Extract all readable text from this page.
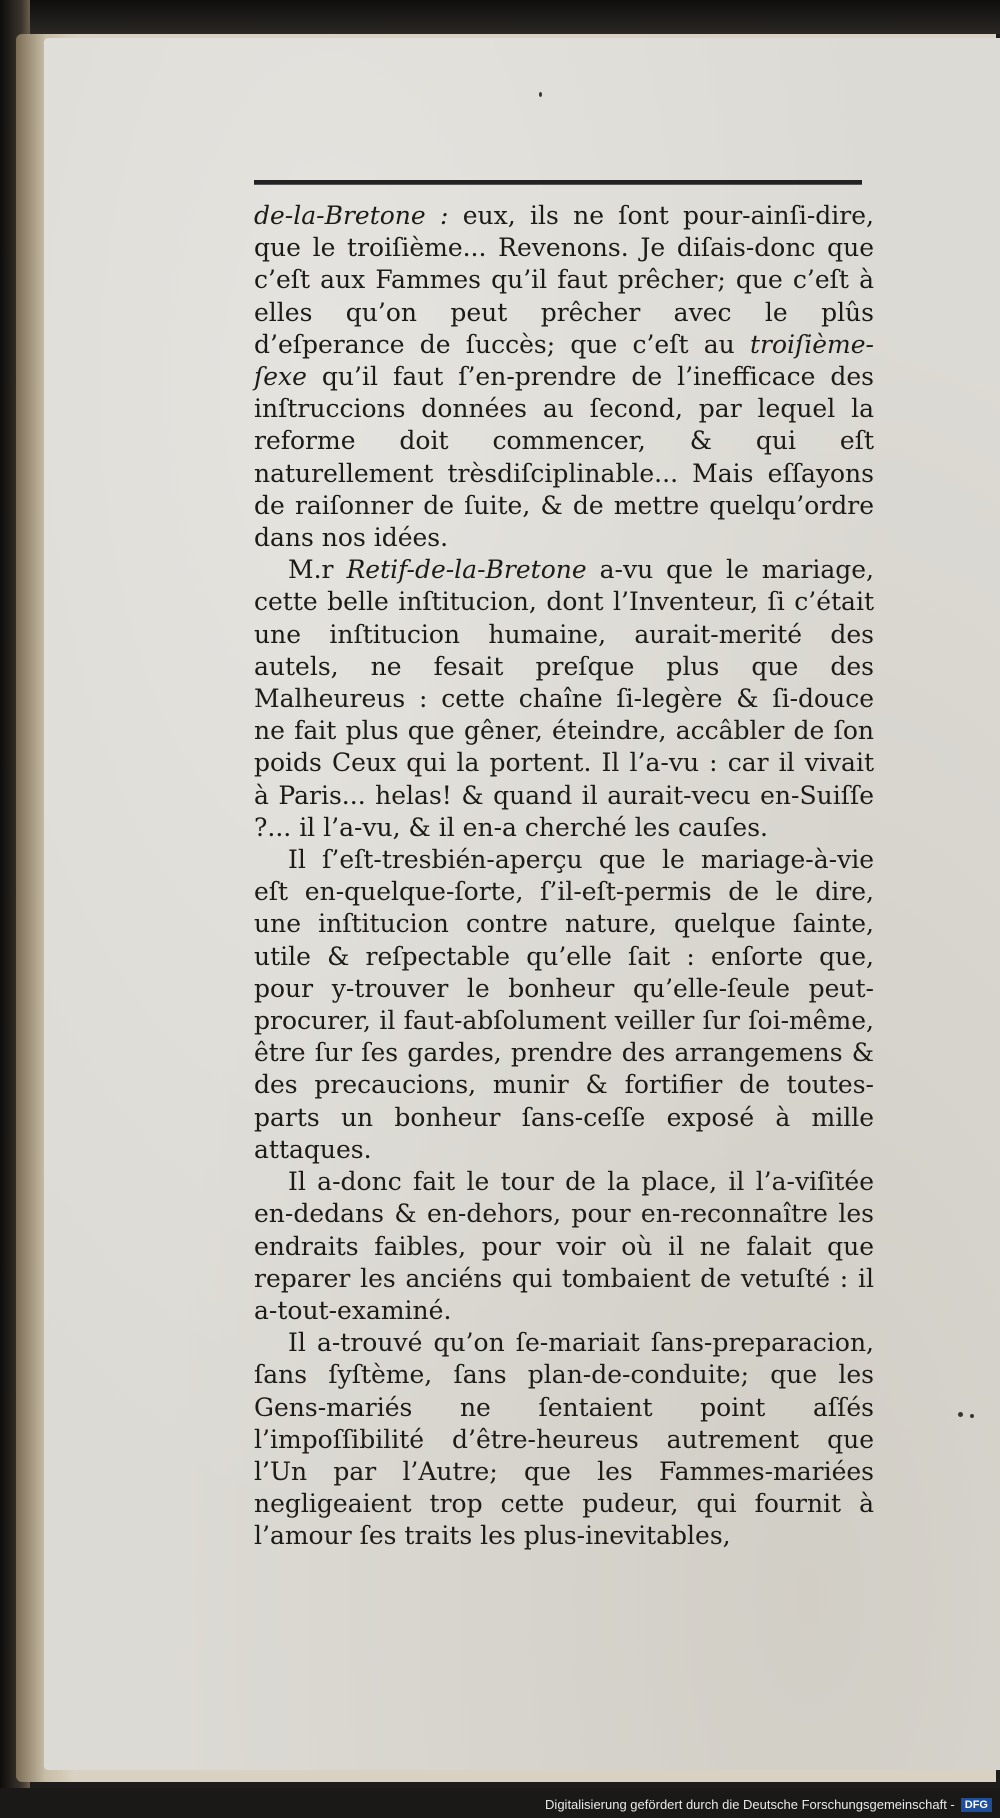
de-la-Bretone : eux, ils ne ſont pour-ainſi-dire, que le troiſième... Revenons. Je diſais-donc que c’eſt aux Fammes qu’il faut prêcher; que c’eſt à elles qu’on peut prêcher avec le plûs d’eſperance de ſuccès; que c’eſt au troiſième-ſexe qu’il faut ſ’en-prendre de l’inefficace des inſtruccions données au ſecond, par lequel la reforme doit commencer, & qui eſt naturellement trèsdiſciplinable... Mais eſſayons de raiſonner de ſuite, & de mettre quelqu’ordre dans nos idées.

M.r Retif-de-la-Bretone a-vu que le mariage, cette belle inſtitucion, dont l’Inventeur, ſi c’était une inſtitucion humaine, aurait-merité des autels, ne fesait preſque plus que des Malheureus : cette chaîne ſi-legère & ſi-douce ne fait plus que gêner, éteindre, accâbler de ſon poids Ceux qui la portent. Il l’a-vu : car il vivait à Paris... helas! & quand il aurait-vecu en-Suiſſe ?... il l’a-vu, & il en-a cherché les cauſes.

Il ſ’eſt-tresbién-aperçu que le mariage-à-vie eſt en-quelque-ſorte, ſ’il-eſt-permis de le dire, une inſtitucion contre nature, quelque ſainte, utile & reſpectable qu’elle ſait : enſorte que, pour y-trouver le bonheur qu’elle-ſeule peut-procurer, il faut-abſolument veiller ſur ſoi-même, être ſur ſes gardes, prendre des arrangemens & des precaucions, munir & fortifier de toutes-parts un bonheur ſans-ceſſe exposé à mille attaques.

Il a-donc fait le tour de la place, il l’a-viſitée en-dedans & en-dehors, pour en-reconnaître les endraits faibles, pour voir où il ne falait que reparer les anciéns qui tombaient de vetuſté : il a-tout-examiné.

Il a-trouvé qu’on ſe-mariait ſans-preparacion, ſans ſyſtème, ſans plan-de-conduite; que les Gens-mariés ne ſentaient point aſſés l’impoſſibilité d’être-heureus autrement que l’Un par l’Autre; que les Fammes-mariées negligeaient trop cette pudeur, qui fournit à l’amour ſes traits les plus-inevitables,

Digitalisierung gefördert durch die Deutsche Forschungsgemeinschaft - DFG
